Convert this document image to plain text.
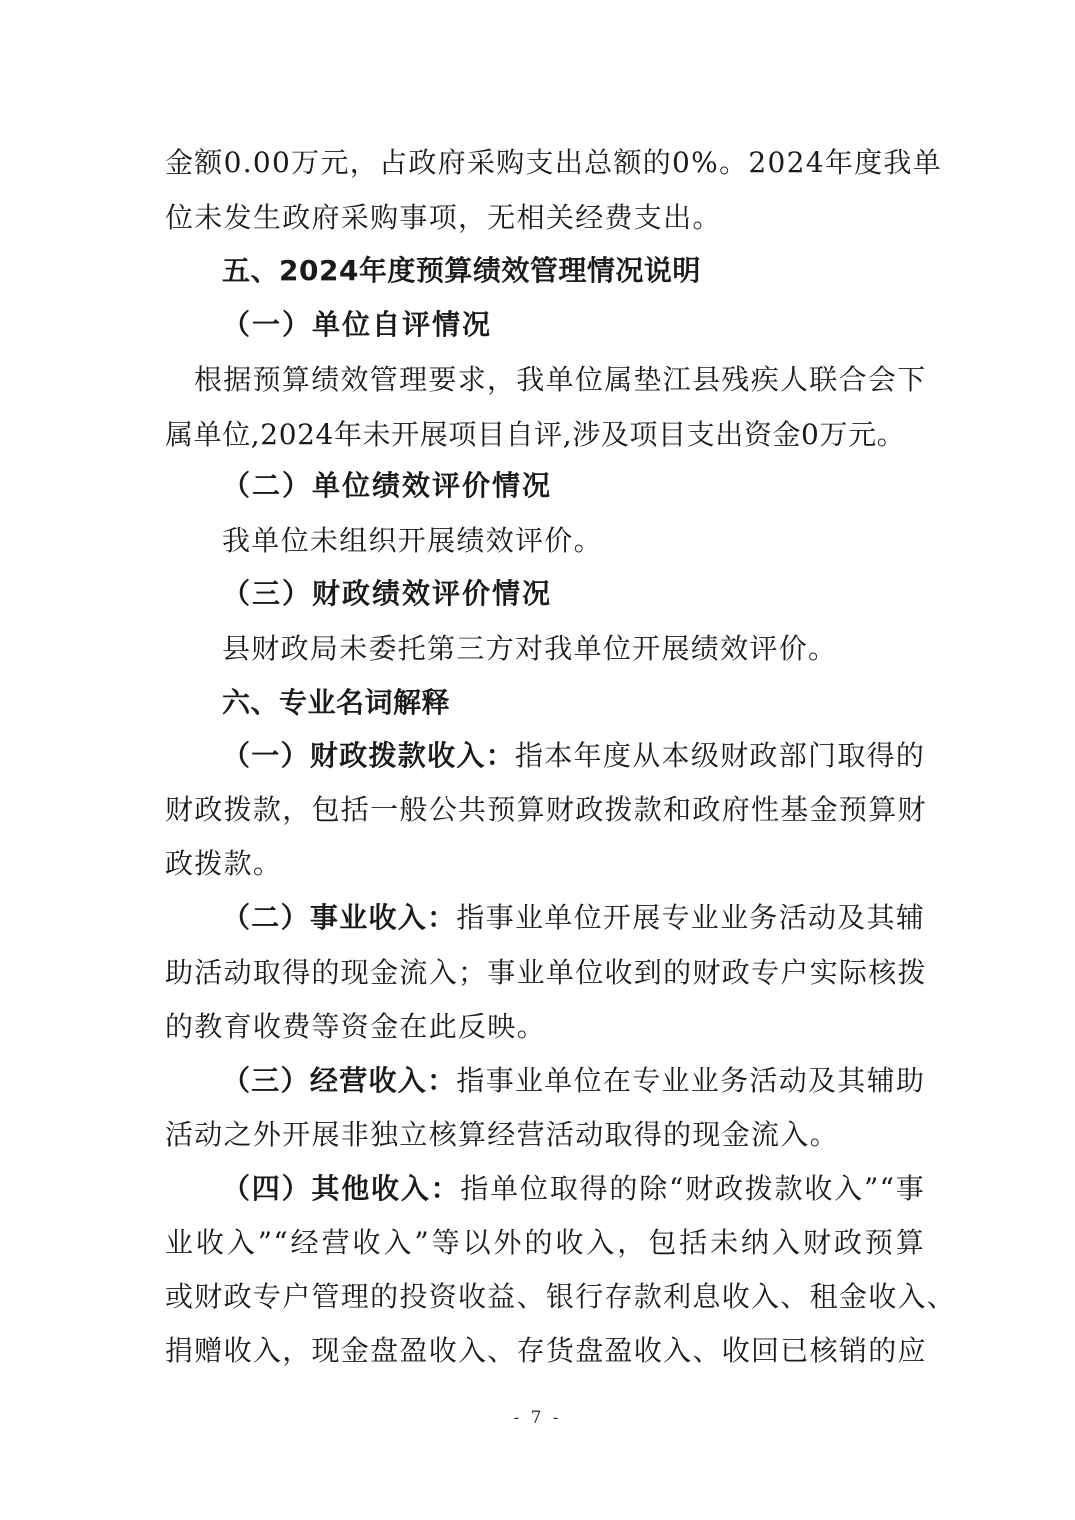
金额0.00万元，占政府采购支出总额的0%。2024年度我单
位未发生政府采购事项，无相关经费支出。
五、2024年度预算绩效管理情况说明
（一）单位自评情况
根据预算绩效管理要求，我单位属垫江县残疾人联合会下
属单位,2024年未开展项目自评,涉及项目支出资金0万元。
（二）单位绩效评价情况
我单位未组织开展绩效评价。
（三）财政绩效评价情况
县财政局未委托第三方对我单位开展绩效评价。
六、专业名词解释
（一）财政拨款收入：指本年度从本级财政部门取得的
财政拨款，包括一般公共预算财政拨款和政府性基金预算财
政拨款。
（二）事业收入：指事业单位开展专业业务活动及其辅
助活动取得的现金流入；事业单位收到的财政专户实际核拨
的教育收费等资金在此反映。
（三）经营收入：指事业单位在专业业务活动及其辅助
活动之外开展非独立核算经营活动取得的现金流入。
（四）其他收入：指单位取得的除“财政拨款收入”“事
业收入”“经营收入”等以外的收入，包括未纳入财政预算
或财政专户管理的投资收益、银行存款利息收入、租金收入、
捐赠收入，现金盘盈收入、存货盘盈收入、收回已核销的应
- 7 -
